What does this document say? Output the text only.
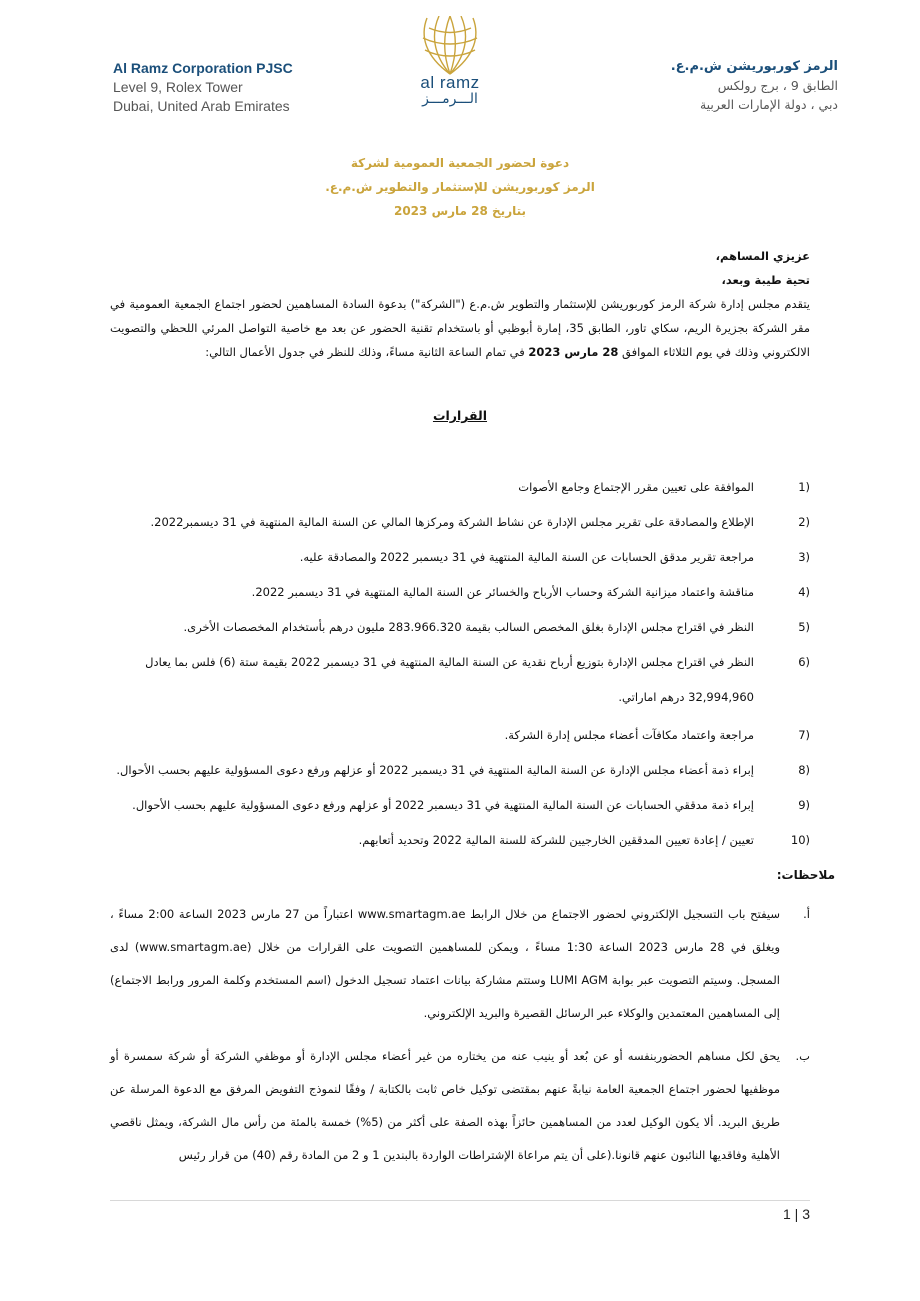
Al Ramz Corporation PJSC
Level 9, Rolex Tower
Dubai, United Arab Emirates
al ramz
الـــرمـــز
الرمز كوربوريشن ش.م.ع.
الطابق 9 ، برج رولكس
دبي ، دولة الإمارات العربية
دعوة لحضور الجمعية العمومية لشركة
الرمز كوربوريشن للإستثمار والتطوير ش.م.ع.
بتاريخ 28 مارس 2023
عزيزي المساهم،
تحية طيبة وبعد،
يتقدم مجلس إدارة شركة الرمز كوربوريشن للإستثمار والتطوير ش.م.ع ("الشركة") بدعوة السادة المساهمين لحضور اجتماع الجمعية العمومية في مقر الشركة بجزيرة الريم، سكاي تاور، الطابق 35، إمارة أبوظبي أو باستخدام تقنية الحضور عن بعد مع خاصية التواصل المرئي اللحظي والتصويت الالكتروني وذلك في يوم الثلاثاء الموافق 28 مارس 2023 في تمام الساعة الثانية مساءً، وذلك للنظر في جدول الأعمال التالي:
القرارات
1)
الموافقة على تعيين مقرر الإجتماع وجامع الأصوات
2)
الإطلاع والمصادقة على تقرير مجلس الإدارة عن نشاط الشركة ومركزها المالي عن السنة المالية المنتهية في 31 ديسمبر2022.
3)
مراجعة تقرير مدقق الحسابات عن السنة المالية المنتهية في 31 ديسمبر 2022 والمصادقة عليه.
4)
مناقشة واعتماد ميزانية الشركة وحساب الأرباح والخسائر عن السنة المالية المنتهية في 31 ديسمبر 2022.
5)
النظر في اقتراح مجلس الإدارة بغلق المخصص السالب بقيمة 283.966.320 مليون درهم بأستخدام المخصصات الأخرى.
6)
النظر في اقتراح مجلس الإدارة بتوزيع أرباح نقدية عن السنة المالية المنتهية في 31 ديسمبر 2022 بقيمة ستة (6) فلس بما يعادل 32,994,960 درهم اماراتي.
7)
مراجعة واعتماد مكافآت أعضاء مجلس إدارة الشركة.
8)
إبراء ذمة أعضاء مجلس الإدارة عن السنة المالية المنتهية في 31 ديسمبر 2022 أو عزلهم ورفع دعوى المسؤولية عليهم بحسب الأحوال.
9)
إبراء ذمة مدققي الحسابات عن السنة المالية المنتهية في 31 ديسمبر 2022 أو عزلهم ورفع دعوى المسؤولية عليهم بحسب الأحوال.
10)
تعيين / إعادة تعيين المدققين الخارجيين للشركة للسنة المالية 2022 وتحديد أتعابهم.
ملاحظات:
أ.
سيفتح باب التسجيل الإلكتروني لحضور الاجتماع من خلال الرابط www.smartagm.ae اعتباراً من 27 مارس 2023 الساعة 2:00 مساءً ، ويغلق في 28 مارس 2023 الساعة 1:30 مساءً ، ويمكن للمساهمين التصويت على القرارات من خلال (www.smartagm.ae) لدى المسجل. وسيتم التصويت عبر بوابة LUMI AGM وستتم مشاركة بيانات اعتماد تسجيل الدخول (اسم المستخدم وكلمة المرور ورابط الاجتماع) إلى المساهمين المعتمدين والوكلاء عبر الرسائل القصيرة والبريد الإلكتروني.
ب.
يحق لكل مساهم الحضوربنفسه أو عن بُعد أو ينيب عنه من يختاره من غير أعضاء مجلس الإدارة أو موظفي الشركة أو شركة سمسرة أو موظفيها لحضور اجتماع الجمعية العامة نيابةً عنهم بمقتضى توكيل خاص ثابت بالكتابة / وفقًا لنموذج التفويض المرفق مع الدعوة المرسلة عن طريق البريد. ألا يكون الوكيل لعدد من المساهمين حائزاً بهذه الصفة على أكثر من (5%) خمسة بالمئة من رأس مال الشركة، ويمثل ناقصي الأهلية وفاقديها النائبون عنهم قانونا.(على أن يتم مراعاة الإشتراطات الواردة بالبندين 1 و 2 من المادة رقم (40) من قرار رئيس
1 | 3
